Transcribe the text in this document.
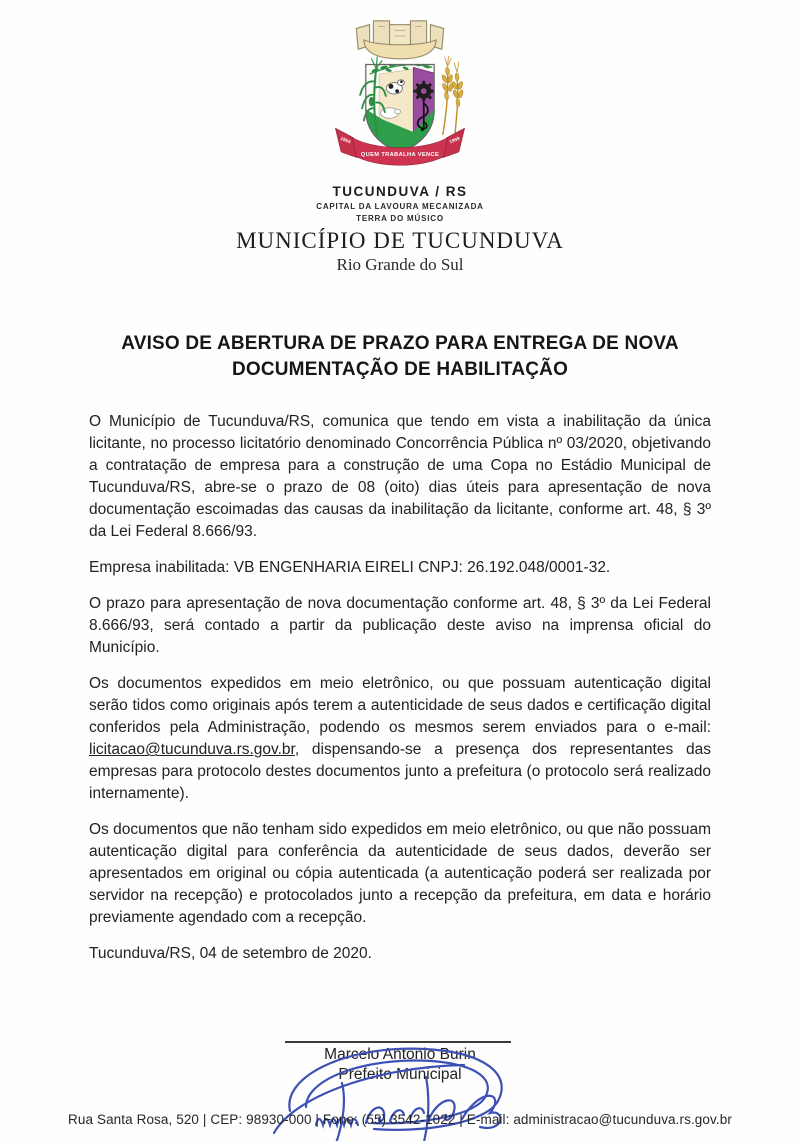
1954	1959
QUEM TRABALHA VENCE
TUCUNDUVA / RS
CAPITAL DA LAVOURA MECANIZADA
TERRA DO MÚSICO
MUNICÍPIO DE TUCUNDUVA
Rio Grande do Sul
AVISO DE ABERTURA DE PRAZO PARA ENTREGA DE NOVA
DOCUMENTAÇÃO DE HABILITAÇÃO

O Município de Tucunduva/RS, comunica que tendo em vista a inabilitação da única licitante, no processo licitatório denominado Concorrência Pública nº 03/2020, objetivando a contratação de empresa para a construção de uma Copa no Estádio Municipal de Tucunduva/RS, abre-se o prazo de 08 (oito) dias úteis para apresentação de nova documentação escoimadas das causas da inabilitação da licitante, conforme art. 48, § 3º da Lei Federal 8.666/93.

Empresa inabilitada: VB ENGENHARIA EIRELI CNPJ: 26.192.048/0001-32.

O prazo para apresentação de nova documentação conforme art. 48, § 3º da Lei Federal 8.666/93, será contado a partir da publicação deste aviso na imprensa oficial do Município.

Os documentos expedidos em meio eletrônico, ou que possuam autenticação digital serão tidos como originais após terem a autenticidade de seus dados e certificação digital conferidos pela Administração, podendo os mesmos serem enviados para o e-mail: licitacao@tucunduva.rs.gov.br, dispensando-se a presença dos representantes das empresas para protocolo destes documentos junto a prefeitura (o protocolo será realizado internamente).

Os documentos que não tenham sido expedidos em meio eletrônico, ou que não possuam autenticação digital para conferência da autenticidade de seus dados, deverão ser apresentados em original ou cópia autenticada (a autenticação poderá ser realizada por servidor na recepção) e protocolados junto a recepção da prefeitura, em data e horário previamente agendado com a recepção.

Tucunduva/RS, 04 de setembro de 2020.

Marcelo Antônio Burin
Prefeito Municipal
Rua Santa Rosa, 520 | CEP: 98930-000 | Fone: (55) 3542-1022 | E-mail: administracao@tucunduva.rs.gov.br
